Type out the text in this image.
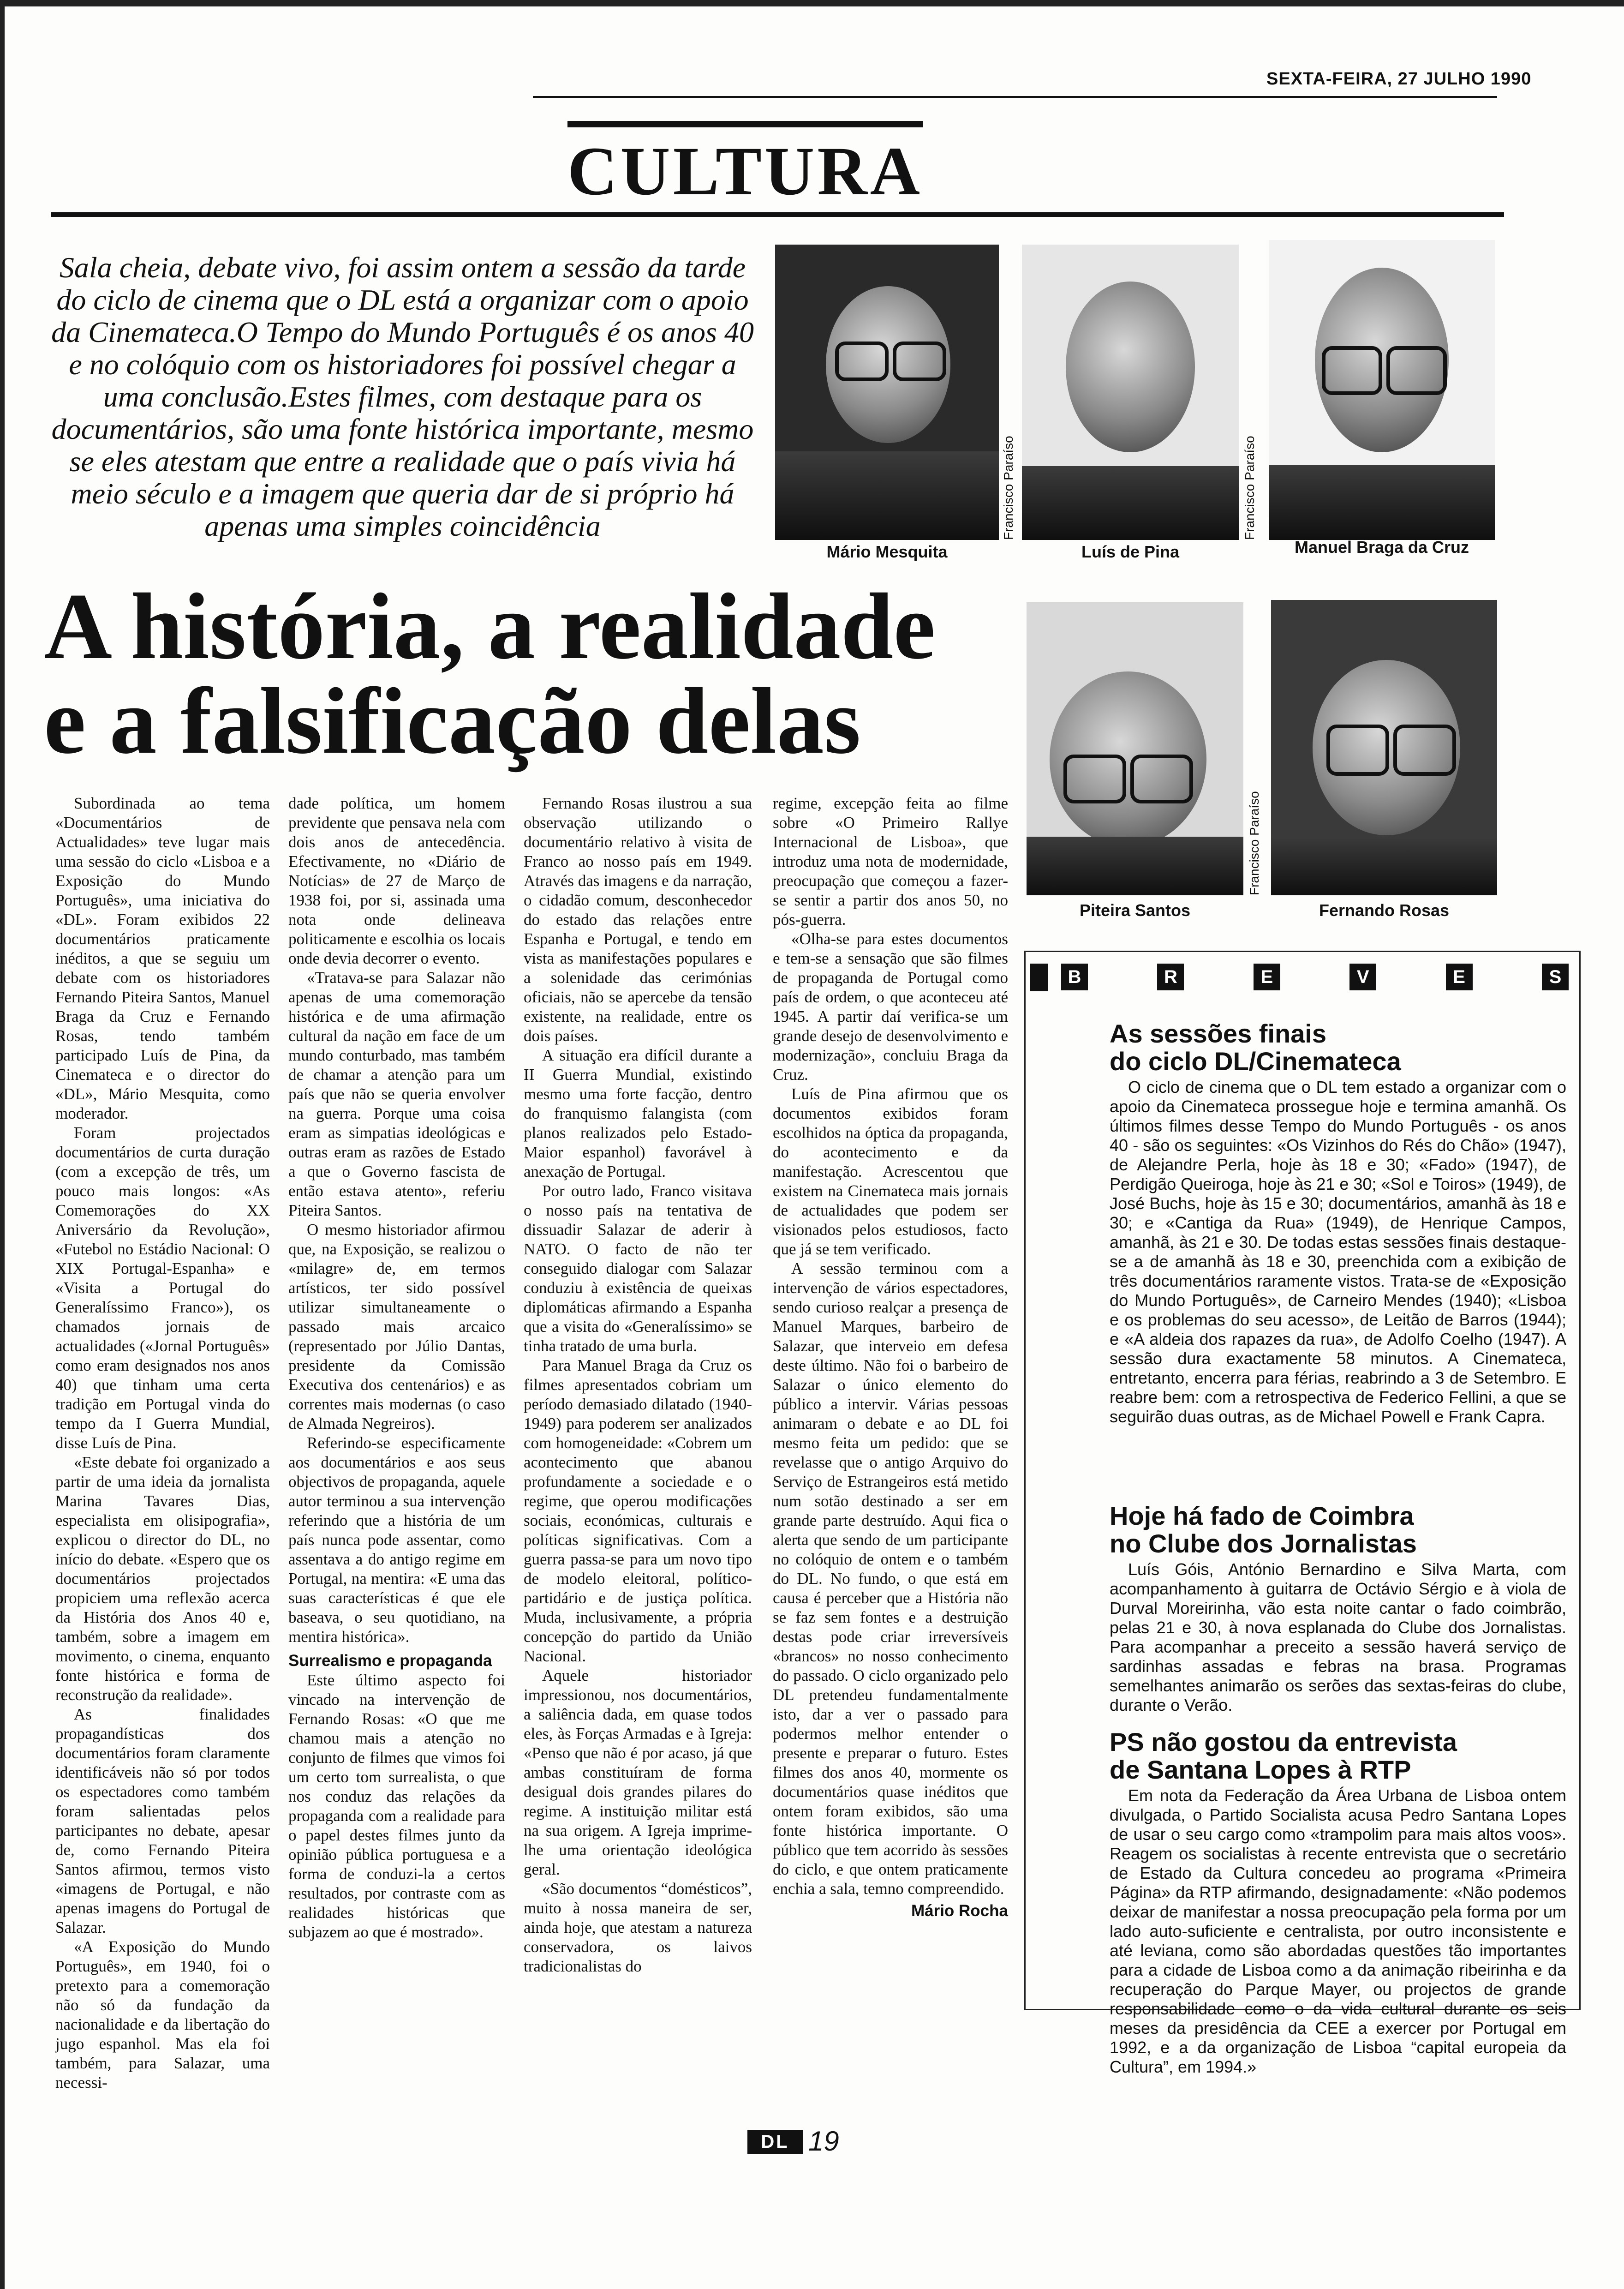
SEXTA-FEIRA, 27 JULHO 1990
CULTURA
Sala cheia, debate vivo, foi assim ontem a sessão da tarde do ciclo de cinema que o DL está a organizar com o apoio da Cinemateca.O Tempo do Mundo Português é os anos 40 e no colóquio com os historiadores foi possível chegar a uma conclusão.Estes filmes, com destaque para os documentários, são uma fonte histórica importante, mesmo se eles atestam que entre a realidade que o país vivia há meio século e a imagem que queria dar de si próprio há apenas uma simples coincidência	Francisco Paraíso
Mário Mesquita
Francisco Paraíso
Luís de Pina	Manuel Braga da Cruz
Francisco Paraíso
Piteira Santos	Fernando Rosas
A história, a realidade
e a falsificação delas

Subordinada ao tema «Documentários de Actualidades» teve lugar mais uma sessão do ciclo «Lisboa e a Exposição do Mundo Português», uma iniciativa do «DL». Foram exibidos 22 documentários praticamente inéditos, a que se seguiu um debate com os historiadores Fernando Piteira Santos, Manuel Braga da Cruz e Fernando Rosas, tendo também participado Luís de Pina, da Cinemateca e o director do «DL», Mário Mesquita, como moderador.

Foram projectados documentários de curta duração (com a excepção de três, um pouco mais longos: «As Comemorações do XX Aniversário da Revolução», «Futebol no Estádio Nacional: O XIX Portugal-Espanha» e «Visita a Portugal do Generalíssimo Franco»), os chamados jornais de actualidades («Jornal Português» como eram designados nos anos 40) que tinham uma certa tradição em Portugal vinda do tempo da I Guerra Mundial, disse Luís de Pina.

«Este debate foi organizado a partir de uma ideia da jornalista Marina Tavares Dias, especialista em olisipografia», explicou o director do DL, no início do debate. «Espero que os documentários projectados propiciem uma reflexão acerca da História dos Anos 40 e, também, sobre a imagem em movimento, o cinema, enquanto fonte histórica e forma de reconstrução da realidade».

As finalidades propagandísticas dos documentários foram claramente identificáveis não só por todos os espectadores como também foram salientadas pelos participantes no debate, apesar de, como Fernando Piteira Santos afirmou, termos visto «imagens de Portugal, e não apenas imagens do Portugal de Salazar.

«A Exposição do Mundo Português», em 1940, foi o pretexto para a comemoração não só da fundação da nacionalidade e da libertação do jugo espanhol. Mas ela foi também, para Salazar, uma necessi-

dade política, um homem previdente que pensava nela com dois anos de antecedência. Efectivamente, no «Diário de Notícias» de 27 de Março de 1938 foi, por si, assinada uma nota onde delineava politicamente e escolhia os locais onde devia decorrer o evento.

«Tratava-se para Salazar não apenas de uma comemoração histórica e de uma afirmação cultural da nação em face de um mundo conturbado, mas também de chamar a atenção para um país que não se queria envolver na guerra. Porque uma coisa eram as simpatias ideológicas e outras eram as razões de Estado a que o Governo fascista de então estava atento», referiu Piteira Santos.

O mesmo historiador afirmou que, na Exposição, se realizou o «milagre» de, em termos artísticos, ter sido possível utilizar simultaneamente o passado mais arcaico (representado por Júlio Dantas, presidente da Comissão Executiva dos centenários) e as correntes mais modernas (o caso de Almada Negreiros).

Referindo-se especificamente aos documentários e aos seus objectivos de propaganda, aquele autor terminou a sua intervenção referindo que a história de um país nunca pode assentar, como assentava a do antigo regime em Portugal, na mentira: «E uma das suas características é que ele baseava, o seu quotidiano, na mentira histórica».

Surrealismo e propaganda

Este último aspecto foi vincado na intervenção de Fernando Rosas: «O que me chamou mais a atenção no conjunto de filmes que vimos foi um certo tom surrealista, o que nos conduz das relações da propaganda com a realidade para o papel destes filmes junto da opinião pública portuguesa e a forma de conduzi-la a certos resultados, por contraste com as realidades históricas que subjazem ao que é mostrado».

Fernando Rosas ilustrou a sua observação utilizando o documentário relativo à visita de Franco ao nosso país em 1949. Através das imagens e da narração, o cidadão comum, desconhecedor do estado das relações entre Espanha e Portugal, e tendo em vista as manifestações populares e a solenidade das cerimónias oficiais, não se apercebe da tensão existente, na realidade, entre os dois países.

A situação era difícil durante a II Guerra Mundial, existindo mesmo uma forte facção, dentro do franquismo falangista (com planos realizados pelo Estado-Maior espanhol) favorável à anexação de Portugal.

Por outro lado, Franco visitava o nosso país na tentativa de dissuadir Salazar de aderir à NATO. O facto de não ter conseguido dialogar com Salazar conduziu à existência de queixas diplomáticas afirmando a Espanha que a visita do «Generalíssimo» se tinha tratado de uma burla.

Para Manuel Braga da Cruz os filmes apresentados cobriam um período demasiado dilatado (1940-1949) para poderem ser analizados com homogeneidade: «Cobrem um acontecimento que abanou profundamente a sociedade e o regime, que operou modificações sociais, económicas, culturais e políticas significativas. Com a guerra passa-se para um novo tipo de modelo eleitoral, político-partidário e de justiça política. Muda, inclusivamente, a própria concepção do partido da União Nacional.

Aquele historiador impressionou, nos documentários, a saliência dada, em quase todos eles, às Forças Armadas e à Igreja: «Penso que não é por acaso, já que ambas constituíram de forma desigual dois grandes pilares do regime. A instituição militar está na sua origem. A Igreja imprime-lhe uma orientação ideológica geral.

«São documentos “domésticos”, muito à nossa maneira de ser, ainda hoje, que atestam a natureza conservadora, os laivos tradicionalistas do

regime, excepção feita ao filme sobre «O Primeiro Rallye Internacional de Lisboa», que introduz uma nota de modernidade, preocupação que começou a fazer-se sentir a partir dos anos 50, no pós-guerra.

«Olha-se para estes documentos e tem-se a sensação que são filmes de propaganda de Portugal como país de ordem, o que aconteceu até 1945. A partir daí verifica-se um grande desejo de desenvolvimento e modernização», concluiu Braga da Cruz.

Luís de Pina afirmou que os documentos exibidos foram escolhidos na óptica da propaganda, do acontecimento e da manifestação. Acrescentou que existem na Cinemateca mais jornais de actualidades que podem ser visionados pelos estudiosos, facto que já se tem verificado.

A sessão terminou com a intervenção de vários espectadores, sendo curioso realçar a presença de Manuel Marques, barbeiro de Salazar, que interveio em defesa deste último. Não foi o barbeiro de Salazar o único elemento do público a intervir. Várias pessoas animaram o debate e ao DL foi mesmo feita um pedido: que se revelasse que o antigo Arquivo do Serviço de Estrangeiros está metido num sotão destinado a ser em grande parte destruído. Aqui fica o alerta que sendo de um participante no colóquio de ontem e o também do DL. No fundo, o que está em causa é perceber que a História não se faz sem fontes e a destruição destas pode criar irreversíveis «brancos» no nosso conhecimento do passado. O ciclo organizado pelo DL pretendeu fundamentalmente isto, dar a ver o passado para podermos melhor entender o presente e preparar o futuro. Estes filmes dos anos 40, mormente os documentários quase inéditos que ontem foram exibidos, são uma fonte histórica importante. O público que tem acorrido às sessões do ciclo, e que ontem praticamente enchia a sala, temno compreendido.

Mário Rocha
B	R	E	V	E	S
As sessões finais
do ciclo DL/Cinemateca

O ciclo de cinema que o DL tem estado a organizar com o apoio da Cinemateca prossegue hoje e termina amanhã. Os últimos filmes desse Tempo do Mundo Português - os anos 40 - são os seguintes: «Os Vizinhos do Rés do Chão» (1947), de Alejandre Perla, hoje às 18 e 30; «Fado» (1947), de Perdigão Queiroga, hoje às 21 e 30; «Sol e Toiros» (1949), de José Buchs, hoje às 15 e 30; documentários, amanhã às 18 e 30; e «Cantiga da Rua» (1949), de Henrique Campos, amanhã, às 21 e 30. De todas estas sessões finais destaque-se a de amanhã às 18 e 30, preenchida com a exibição de três documentários raramente vistos. Trata-se de «Exposição do Mundo Português», de Carneiro Mendes (1940); «Lisboa e os problemas do seu acesso», de Leitão de Barros (1944); e «A aldeia dos rapazes da rua», de Adolfo Coelho (1947). A sessão dura exactamente 58 minutos. A Cinemateca, entretanto, encerra para férias, reabrindo a 3 de Setembro. E reabre bem: com a retrospectiva de Federico Fellini, a que se seguirão duas outras, as de Michael Powell e Frank Capra.

Hoje há fado de Coimbra
no Clube dos Jornalistas

Luís Góis, António Bernardino e Silva Marta, com acompanhamento à guitarra de Octávio Sérgio e à viola de Durval Moreirinha, vão esta noite cantar o fado coimbrão, pelas 21 e 30, à nova esplanada do Clube dos Jornalistas. Para acompanhar a preceito a sessão haverá serviço de sardinhas assadas e febras na brasa. Programas semelhantes animarão os serões das sextas-feiras do clube, durante o Verão.

PS não gostou da entrevista
de Santana Lopes à RTP

Em nota da Federação da Área Urbana de Lisboa ontem divulgada, o Partido Socialista acusa Pedro Santana Lopes de usar o seu cargo como «trampolim para mais altos voos». Reagem os socialistas à recente entrevista que o secretário de Estado da Cultura concedeu ao programa «Primeira Página» da RTP afirmando, designadamente: «Não podemos deixar de manifestar a nossa preocupação pela forma por um lado auto-suficiente e centralista, por outro inconsistente e até leviana, como são abordadas questões tão importantes para a cidade de Lisboa como a da animação ribeirinha e da recuperação do Parque Mayer, ou projectos de grande responsabilidade como o da vida cultural durante os seis meses da presidência da CEE a exercer por Portugal em 1992, e a da organização de Lisboa “capital europeia da Cultura”, em 1994.»

DL 19
